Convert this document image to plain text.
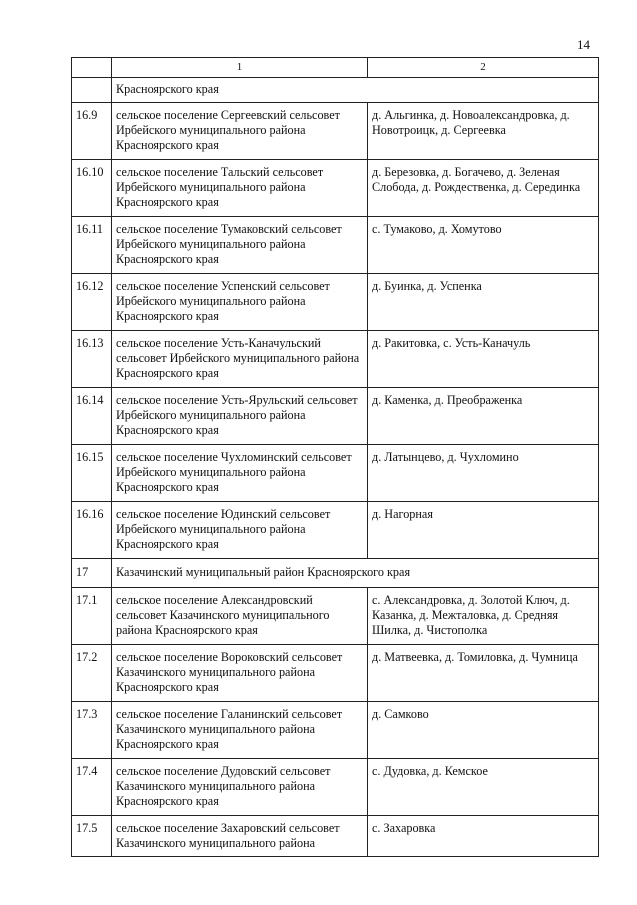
14
	1	2
	Красноярского края	
16.9	сельское поселение Сергеевский сельсовет Ирбейского муниципального района Красноярского края	д. Альгинка, д. Новоалександровка, д. Новотроицк, д. Сергеевка
16.10	сельское поселение Тальский сельсовет Ирбейского муниципального района Красноярского края	д. Березовка, д. Богачево, д. Зеленая Слобода, д. Рождественка, д. Серединка
16.11	сельское поселение Тумаковский сельсовет Ирбейского муниципального района Красноярского края	с. Тумаково, д. Хомутово
16.12	сельское поселение Успенский сельсовет Ирбейского муниципального района Красноярского края	д. Буинка, д. Успенка
16.13	сельское поселение Усть-Каначульский сельсовет Ирбейского муниципального района Красноярского края	д. Ракитовка, с. Усть-Каначуль
16.14	сельское поселение Усть-Ярульский сельсовет Ирбейского муниципального района Красноярского края	д. Каменка, д. Преображенка
16.15	сельское поселение Чухломинский сельсовет Ирбейского муниципального района Красноярского края	д. Латынцево, д. Чухломино
16.16	сельское поселение Юдинский сельсовет Ирбейского муниципального района Красноярского края	д. Нагорная
17	Казачинский муниципальный район Красноярского края	
17.1	сельское поселение Александровский сельсовет Казачинского муниципального района Красноярского края	с. Александровка, д. Золотой Ключ, д. Казанка, д. Межталовка, д. Средняя Шилка, д. Чистополка
17.2	сельское поселение Вороковский сельсовет Казачинского муниципального района Красноярского края	д. Матвеевка, д. Томиловка, д. Чумница
17.3	сельское поселение Галанинский сельсовет Казачинского муниципального района Красноярского края	д. Самково
17.4	сельское поселение Дудовский сельсовет Казачинского муниципального района Красноярского края	с. Дудовка, д. Кемское
17.5	сельское поселение Захаровский сельсовет Казачинского муниципального района	с. Захаровка
